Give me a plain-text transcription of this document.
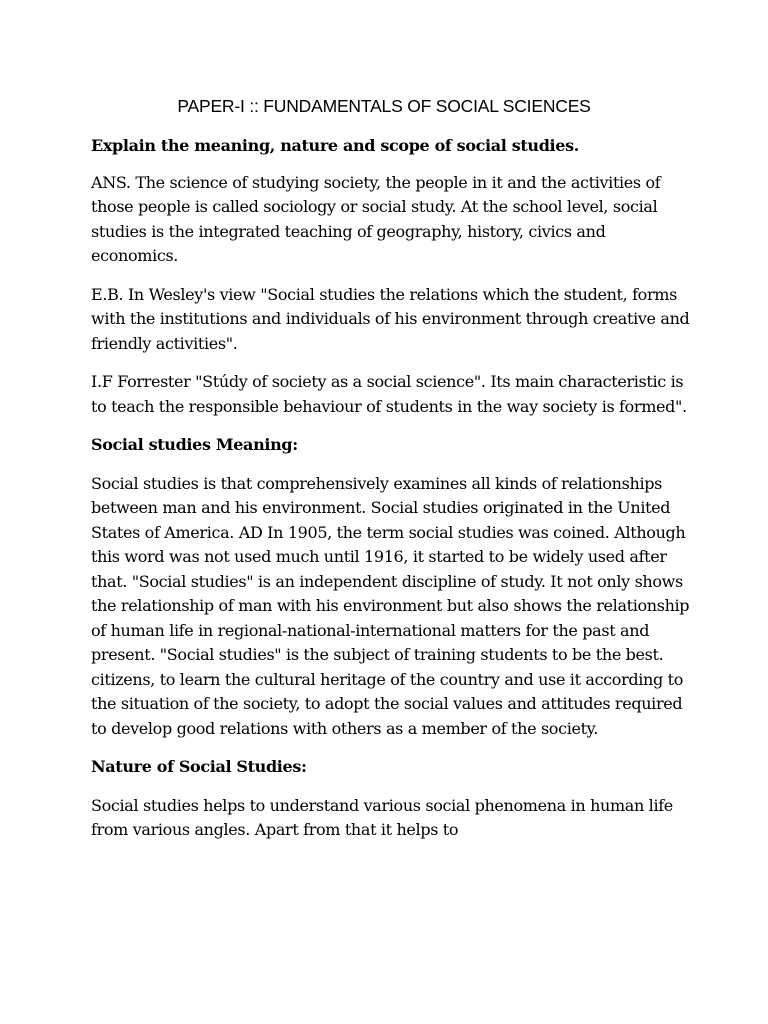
PAPER-I :: FUNDAMENTALS OF SOCIAL SCIENCES
Explain the meaning, nature and scope of social studies.

ANS. The science of studying society, the people in it and the activities of those people is called sociology or social study. At the school level, social studies is the integrated teaching of geography, history, civics and economics.

E.B. In Wesley's view "Social studies the relations which the student, forms with the institutions and individuals of his environment through creative and friendly activities".

I.F Forrester "Stúdy of society as a social science". Its main characteristic is to teach the responsible behaviour of students in the way society is formed".

Social studies Meaning:

Social studies is that comprehensively examines all kinds of relationships between man and his environment. Social studies originated in the United States of America. AD In 1905, the term social studies was coined. Although this word was not used much until 1916, it started to be widely used after that. "Social studies" is an independent discipline of study. It not only shows the relationship of man with his environment but also shows the relationship of human life in regional-national-international matters for the past and present. "Social studies" is the subject of training students to be the best. citizens, to learn the cultural heritage of the country and use it according to the situation of the society, to adopt the social values and attitudes required to develop good relations with others as a member of the society.

Nature of Social Studies:

Social studies helps to understand various social phenomena in human life from various angles. Apart from that it helps to
